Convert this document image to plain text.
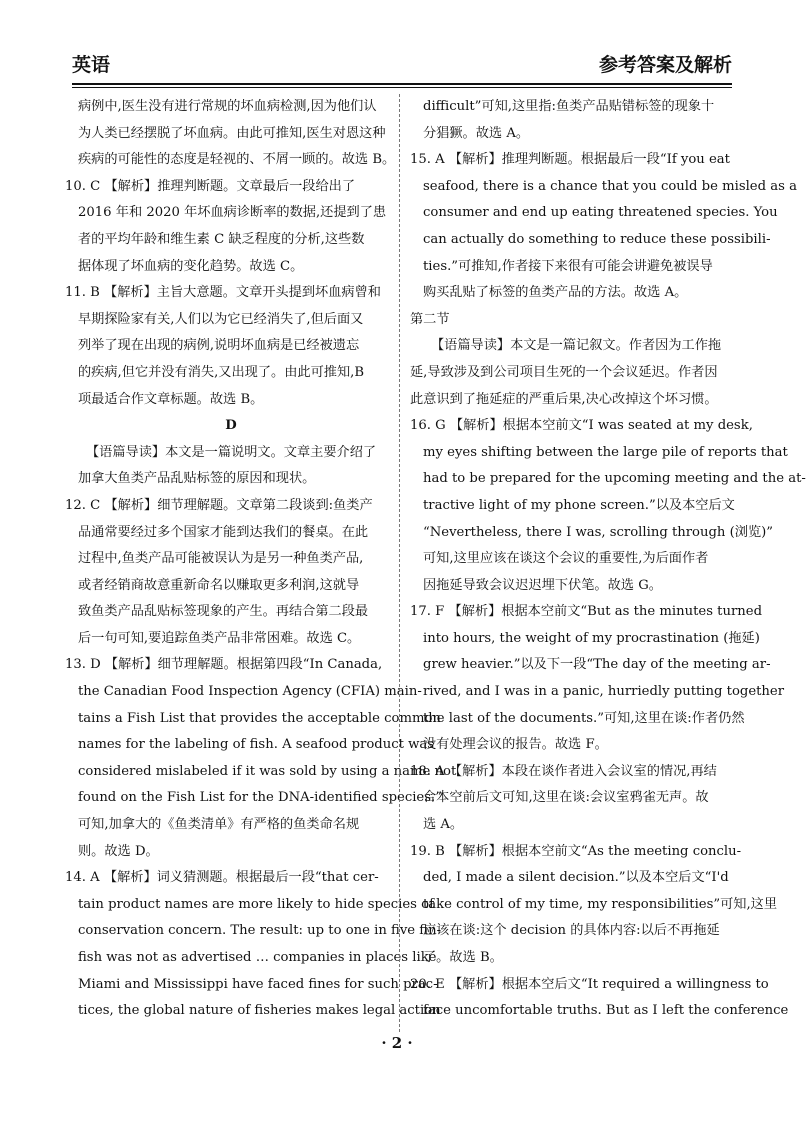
英语	参考答案及解析
病例中,医生没有进行常规的坏血病检测,因为他们认
为人类已经摆脱了坏血病。由此可推知,医生对恩这种
疾病的可能性的态度是轻视的、不屑一顾的。故选 B。
10. C 【解析】推理判断题。文章最后一段给出了
2016 年和 2020 年坏血病诊断率的数据,还提到了患
者的平均年龄和维生素 C 缺乏程度的分析,这些数
据体现了坏血病的变化趋势。故选 C。
11. B 【解析】主旨大意题。文章开头提到坏血病曾和
早期探险家有关,人们以为它已经消失了,但后面又
列举了现在出现的病例,说明坏血病是已经被遗忘
的疾病,但它并没有消失,又出现了。由此可推知,B
项最适合作文章标题。故选 B。
D
【语篇导读】本文是一篇说明文。文章主要介绍了
加拿大鱼类产品乱贴标签的原因和现状。
12. C 【解析】细节理解题。文章第二段谈到:鱼类产
品通常要经过多个国家才能到达我们的餐桌。在此
过程中,鱼类产品可能被误认为是另一种鱼类产品,
或者经销商故意重新命名以赚取更多利润,这就导
致鱼类产品乱贴标签现象的产生。再结合第二段最
后一句可知,要追踪鱼类产品非常困难。故选 C。
13. D 【解析】细节理解题。根据第四段“In Canada,
the Canadian Food Inspection Agency (CFIA) main-
tains a Fish List that provides the acceptable common
names for the labeling of fish. A seafood product was
considered mislabeled if it was sold by using a name not
found on the Fish List for the DNA-identified species.”
可知,加拿大的《鱼类清单》有严格的鱼类命名规
则。故选 D。
14. A 【解析】词义猜测题。根据最后一段“that cer-
tain product names are more likely to hide species of
conservation concern. The result: up to one in five fin-
fish was not as advertised … companies in places like
Miami and Mississippi have faced fines for such prac-
tices, the global nature of fisheries makes legal action
difficult”可知,这里指:鱼类产品贴错标签的现象十
分猖獗。故选 A。
15. A 【解析】推理判断题。根据最后一段“If you eat
seafood, there is a chance that you could be misled as a
consumer and end up eating threatened species. You
can actually do something to reduce these possibili-
ties.”可推知,作者接下来很有可能会讲避免被误导
购买乱贴了标签的鱼类产品的方法。故选 A。
第二节
【语篇导读】本文是一篇记叙文。作者因为工作拖
延,导致涉及到公司项目生死的一个会议延迟。作者因
此意识到了拖延症的严重后果,决心改掉这个坏习惯。
16. G 【解析】根据本空前文“I was seated at my desk,
my eyes shifting between the large pile of reports that
had to be prepared for the upcoming meeting and the at-
tractive light of my phone screen.”以及本空后文
“Nevertheless, there I was, scrolling through (浏览)”
可知,这里应该在谈这个会议的重要性,为后面作者
因拖延导致会议迟迟埋下伏笔。故选 G。
17. F 【解析】根据本空前文“But as the minutes turned
into hours, the weight of my procrastination (拖延)
grew heavier.”以及下一段“The day of the meeting ar-
rived, and I was in a panic, hurriedly putting together
the last of the documents.”可知,这里在谈:作者仍然
没有处理会议的报告。故选 F。
18. A 【解析】本段在谈作者进入会议室的情况,再结
合本空前后文可知,这里在谈:会议室鸦雀无声。故
选 A。
19. B 【解析】根据本空前文“As the meeting conclu-
ded, I made a silent decision.”以及本空后文“I'd
take control of my time, my responsibilities”可知,这里
应该在谈:这个 decision 的具体内容:以后不再拖延
了。故选 B。
20. E 【解析】根据本空后文“It required a willingness to
face uncomfortable truths. But as I left the conference
· 2 ·
